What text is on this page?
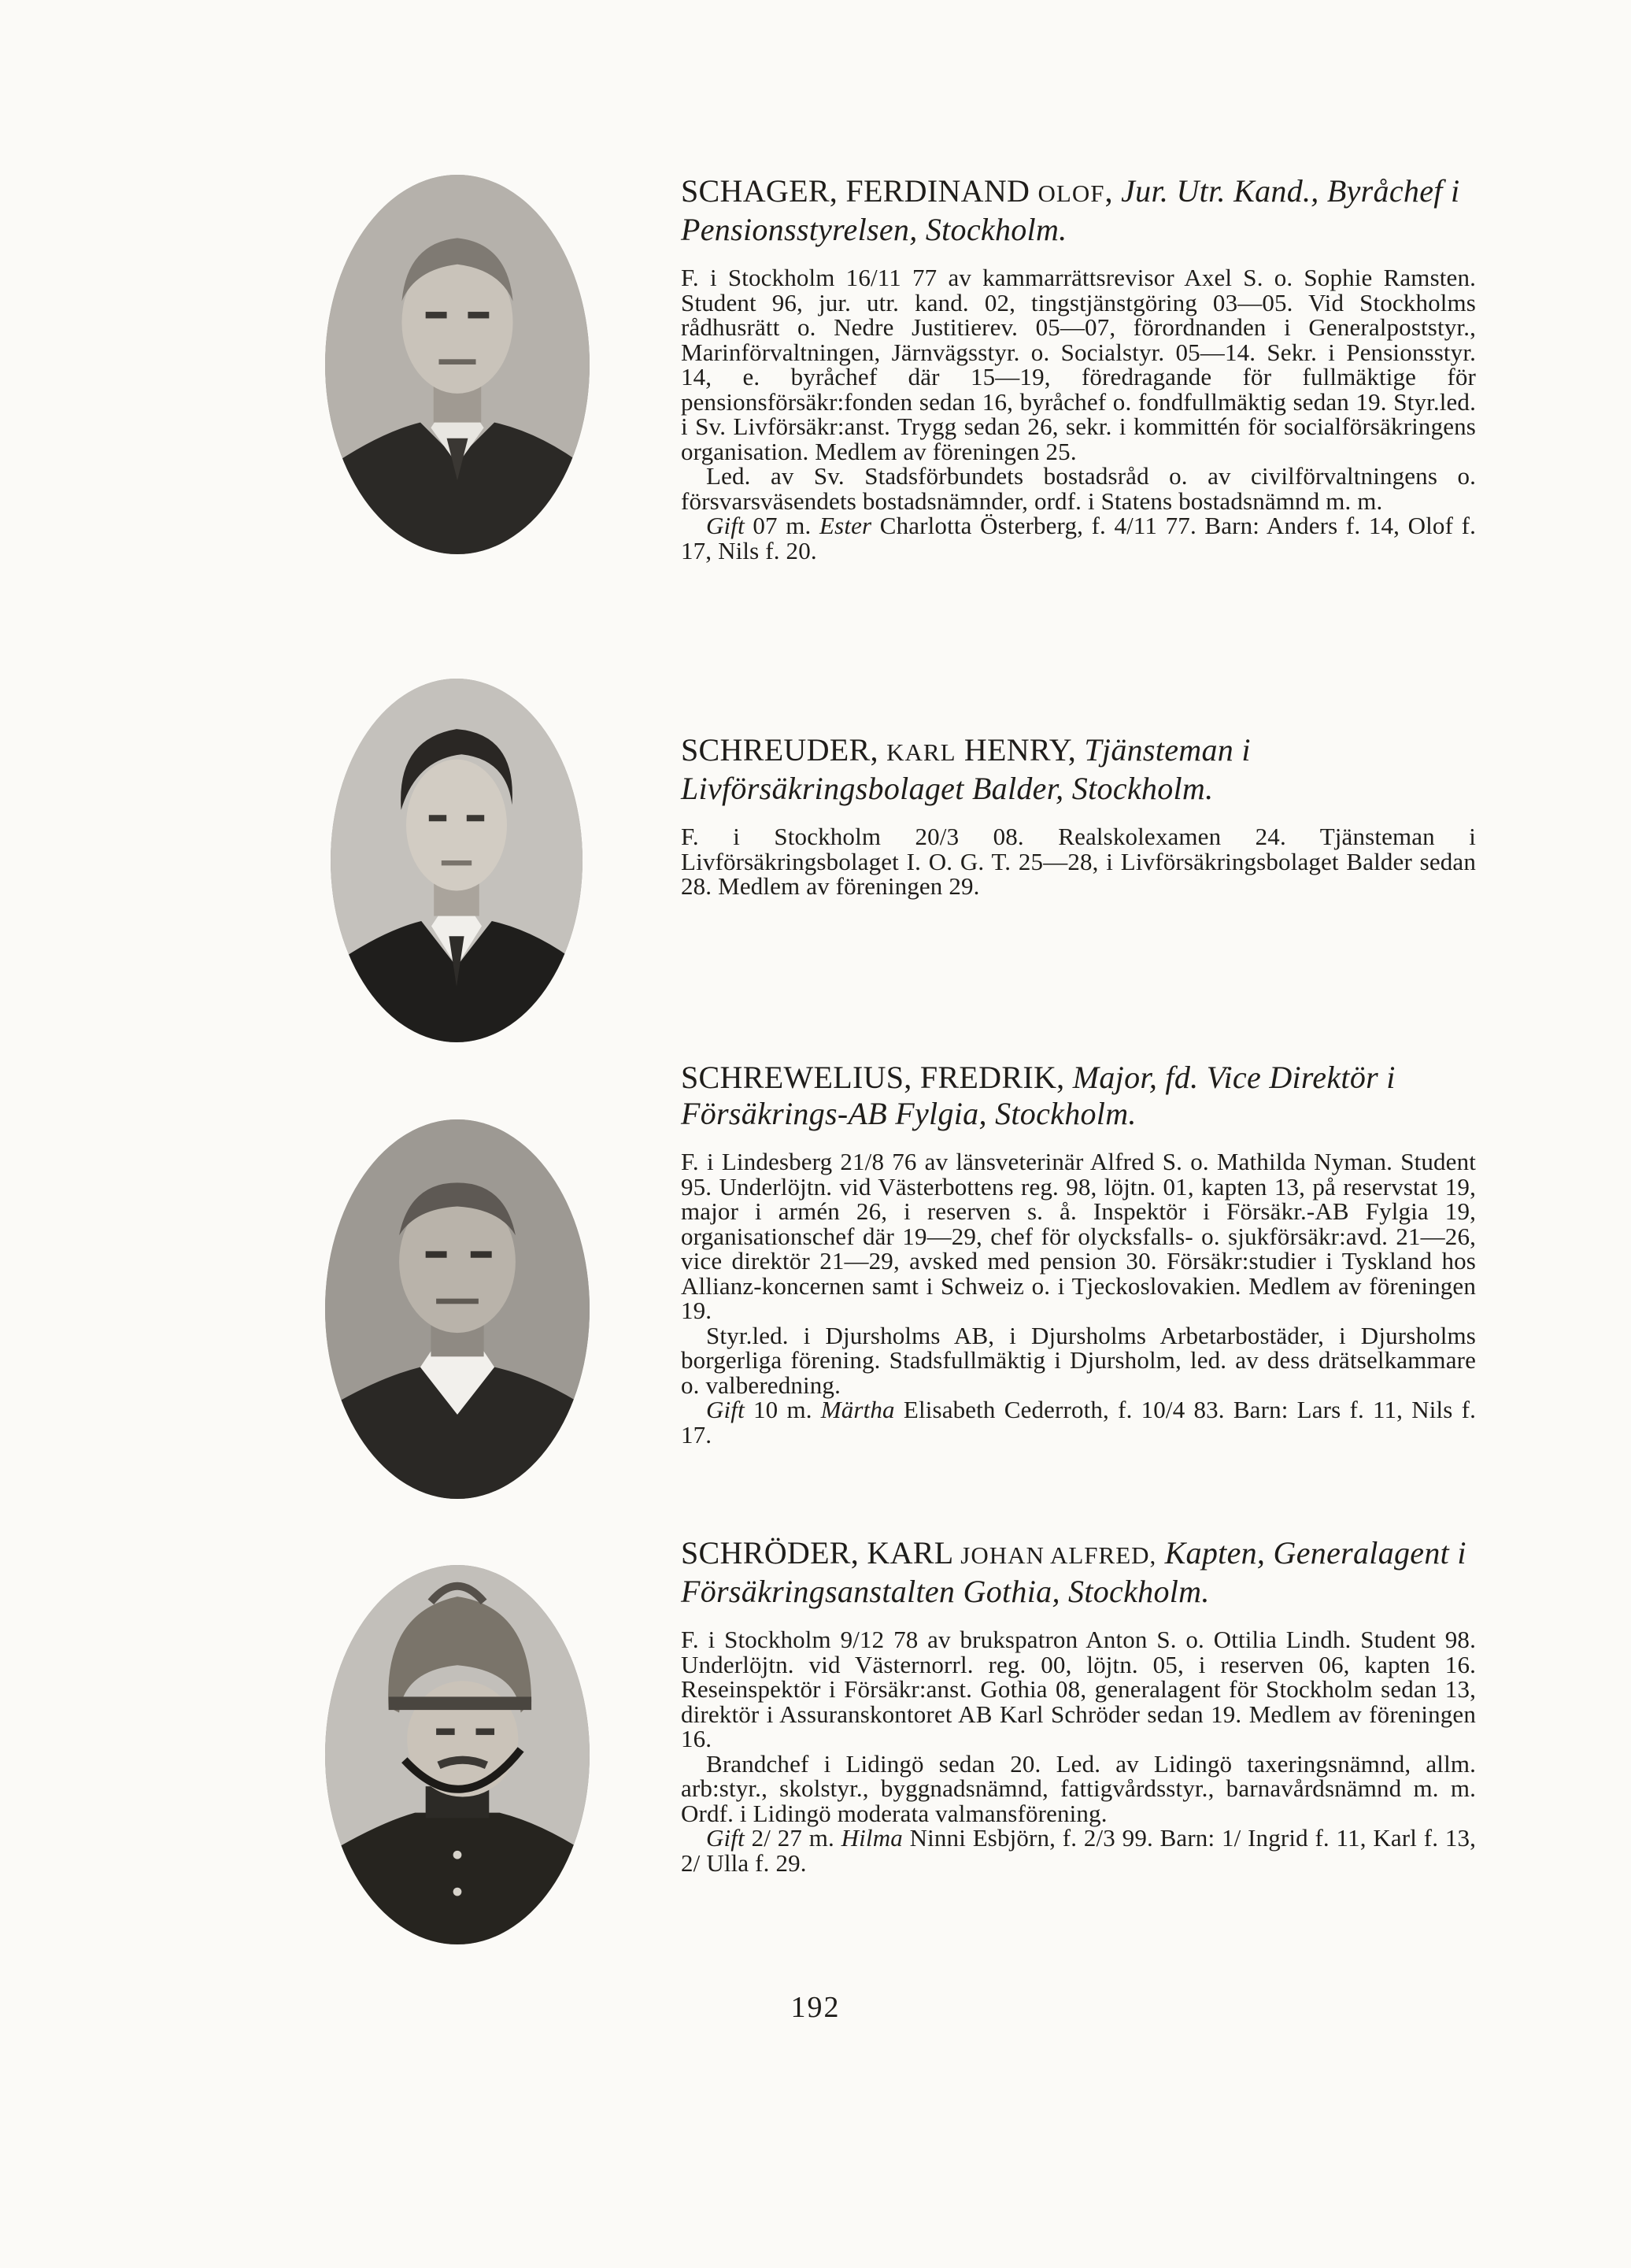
SCHAGER, FERDINAND OLOF, Jur. Utr. Kand., Byråchef i Pensionsstyrelsen, Stockholm.

F. i Stockholm 16/11 77 av kammarrättsrevisor Axel S. o. Sophie Ramsten. Student 96, jur. utr. kand. 02, tingstjänstgöring 03—05. Vid Stockholms rådhusrätt o. Nedre Justitierev. 05—07, förordnanden i Generalpoststyr., Marinförvaltningen, Järnvägsstyr. o. Socialstyr. 05—14. Sekr. i Pensionsstyr. 14, e. byråchef där 15—19, föredragande för fullmäktige för pensionsförsäkr:fonden sedan 16, byråchef o. fondfullmäktig sedan 19. Styr.led. i Sv. Livförsäkr:anst. Trygg sedan 26, sekr. i kommittén för socialförsäkringens organisation. Medlem av föreningen 25.

Led. av Sv. Stadsförbundets bostadsråd o. av civilförvaltningens o. försvarsväsendets bostadsnämnder, ordf. i Statens bostadsnämnd m. m.

Gift 07 m. Ester Charlotta Österberg, f. 4/11 77. Barn: Anders f. 14, Olof f. 17, Nils f. 20.

SCHREUDER, KARL HENRY, Tjänsteman i Livförsäkringsbolaget Balder, Stockholm.

F. i Stockholm 20/3 08. Realskolexamen 24. Tjänsteman i Livförsäkringsbolaget I. O. G. T. 25—28, i Livförsäkringsbolaget Balder sedan 28. Medlem av föreningen 29.

SCHREWELIUS, FREDRIK, Major, fd. Vice Direktör i Försäkrings-AB Fylgia, Stockholm.

F. i Lindesberg 21/8 76 av länsveterinär Alfred S. o. Mathilda Nyman. Student 95. Underlöjtn. vid Västerbottens reg. 98, löjtn. 01, kapten 13, på reservstat 19, major i armén 26, i reserven s. å. Inspektör i Försäkr.-AB Fylgia 19, organisationschef där 19—29, chef för olycksfalls- o. sjukförsäkr:avd. 21—26, vice direktör 21—29, avsked med pension 30. Försäkr:studier i Tyskland hos Allianz-koncernen samt i Schweiz o. i Tjeckoslovakien. Medlem av föreningen 19.

Styr.led. i Djursholms AB, i Djursholms Arbetarbostäder, i Djursholms borgerliga förening. Stadsfullmäktig i Djursholm, led. av dess drätselkammare o. valberedning.

Gift 10 m. Märtha Elisabeth Cederroth, f. 10/4 83. Barn: Lars f. 11, Nils f. 17.

SCHRÖDER, KARL JOHAN ALFRED, Kapten, Generalagent i Försäkringsanstalten Gothia, Stockholm.

F. i Stockholm 9/12 78 av brukspatron Anton S. o. Ottilia Lindh. Student 98. Underlöjtn. vid Västernorrl. reg. 00, löjtn. 05, i reserven 06, kapten 16. Reseinspektör i Försäkr:anst. Gothia 08, generalagent för Stockholm sedan 13, direktör i Assuranskontoret AB Karl Schröder sedan 19. Medlem av föreningen 16.

Brandchef i Lidingö sedan 20. Led. av Lidingö taxeringsnämnd, allm. arb:styr., skolstyr., byggnadsnämnd, fattigvårdsstyr., barnavårdsnämnd m. m. Ordf. i Lidingö moderata valmansförening.

Gift 2/ 27 m. Hilma Ninni Esbjörn, f. 2/3 99. Barn: 1/ Ingrid f. 11, Karl f. 13, 2/ Ulla f. 29.

192
